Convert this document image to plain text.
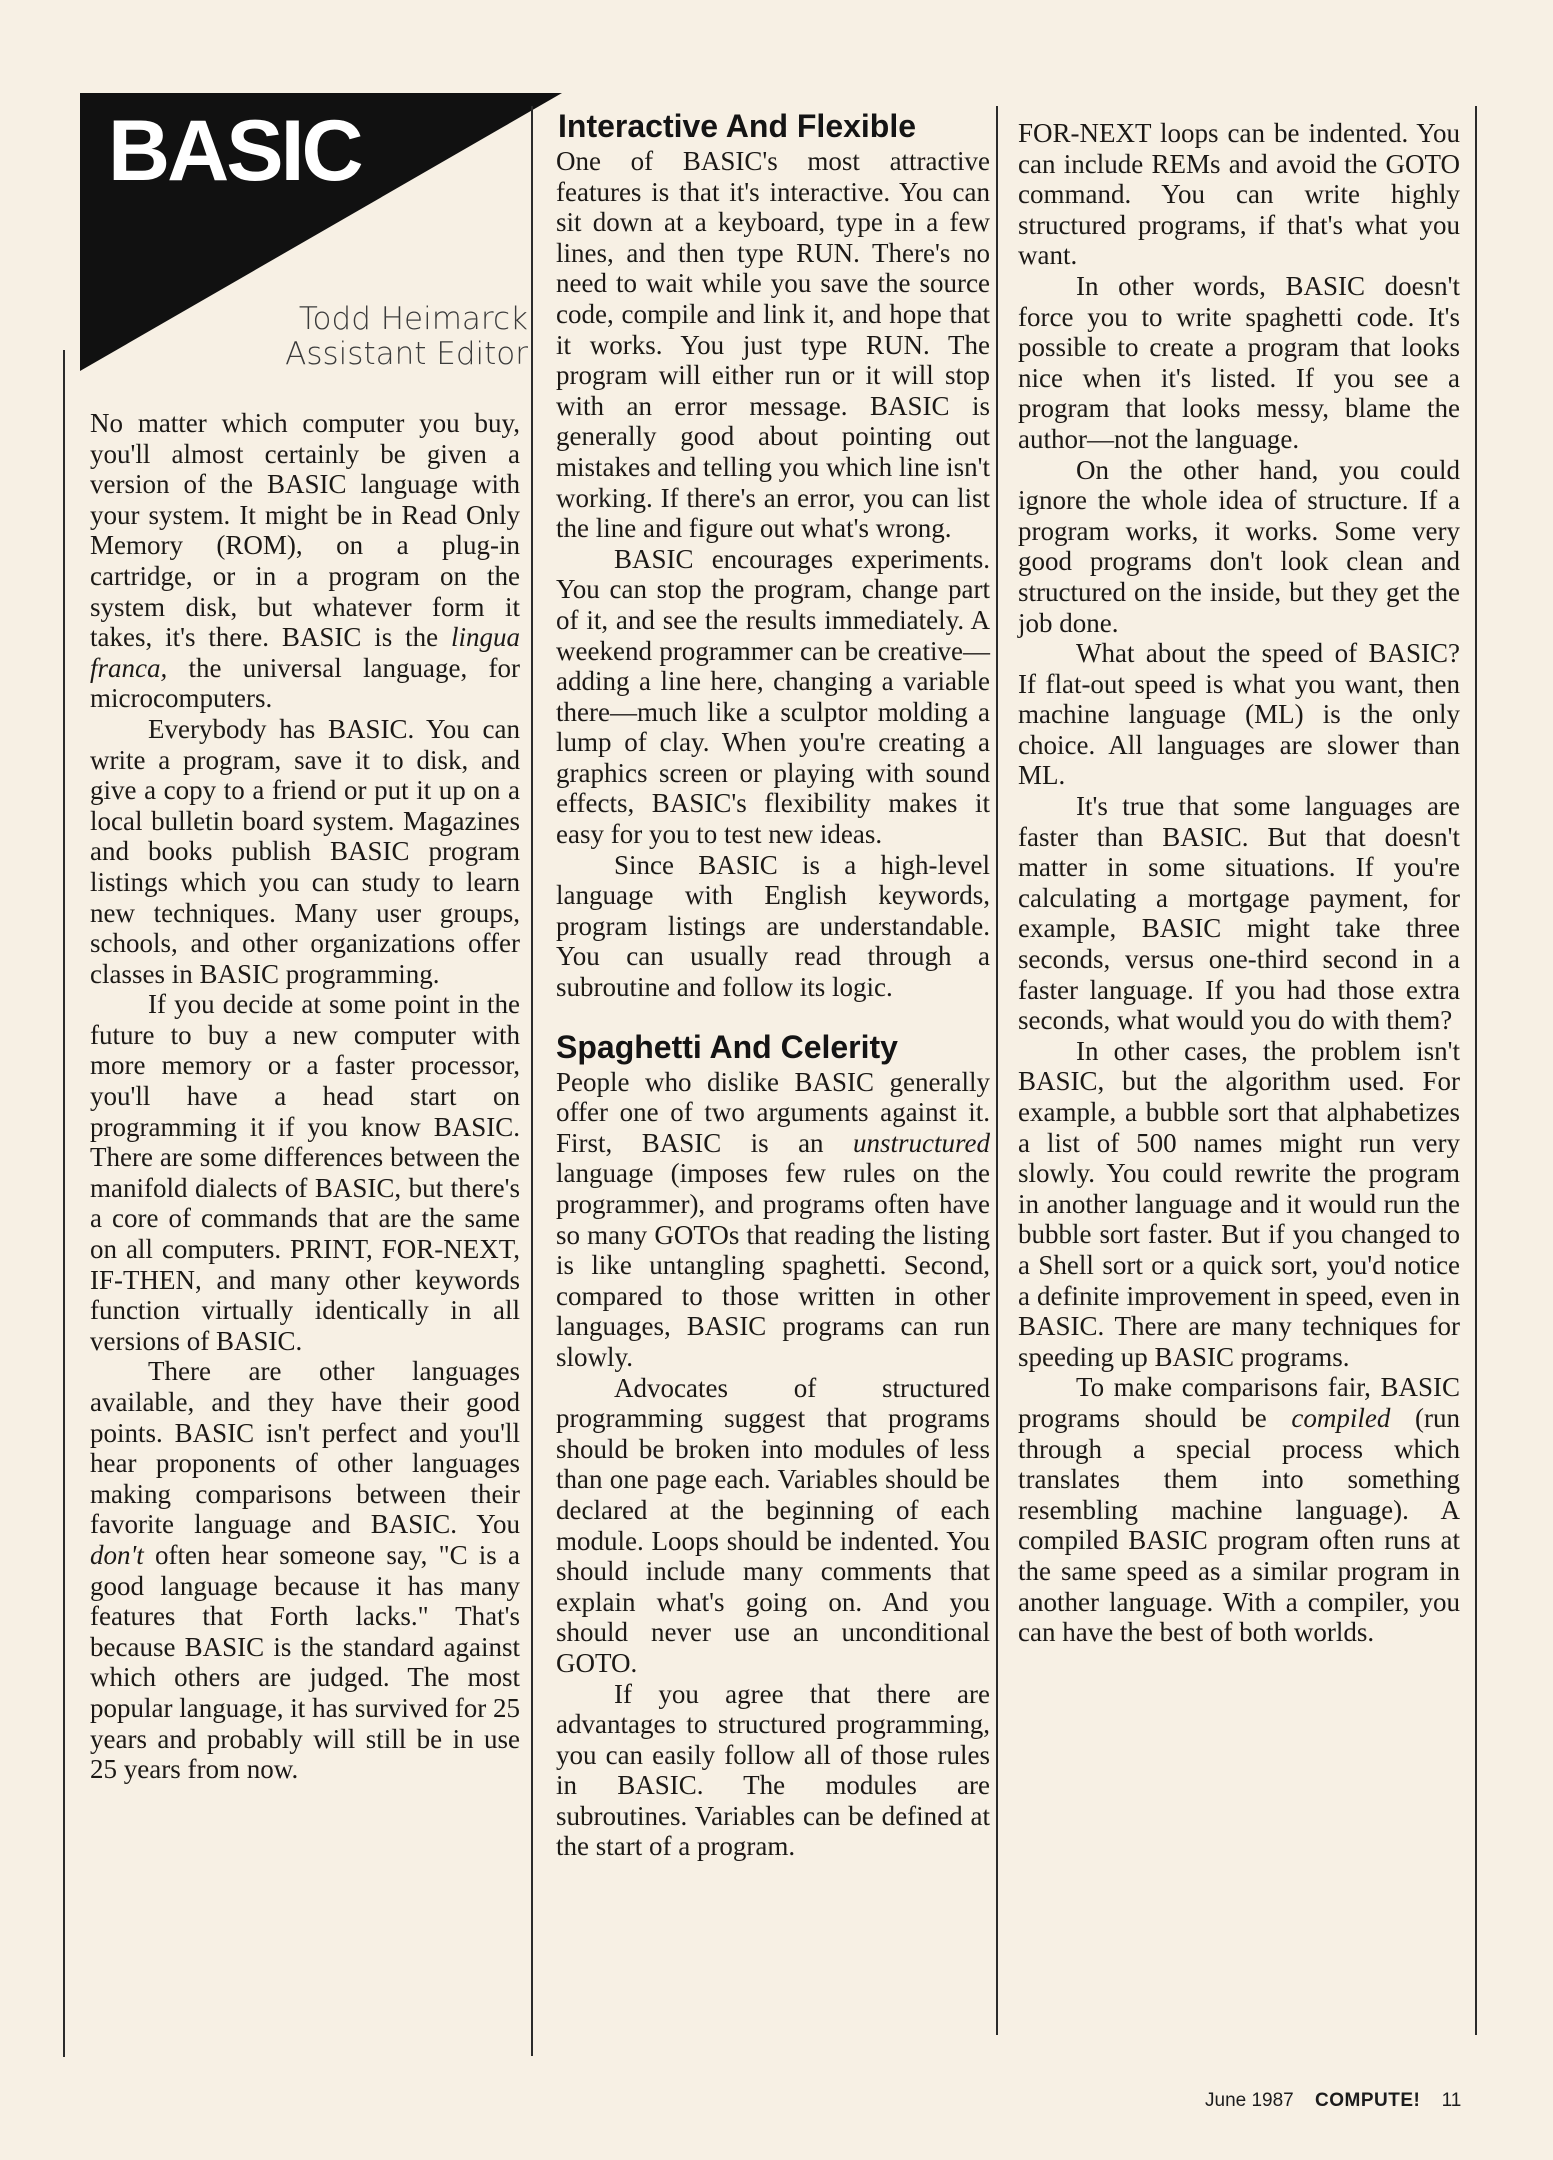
BASIC
Todd Heimarck
Assistant Editor

No matter which computer you buy, you'll almost certainly be given a version of the BASIC language with your system. It might be in Read Only Memory (ROM), on a plug-in cartridge, or in a program on the system disk, but whatever form it takes, it's there. BASIC is the lingua franca, the universal language, for microcomputers.

Everybody has BASIC. You can write a program, save it to disk, and give a copy to a friend or put it up on a local bulletin board system. Magazines and books publish BASIC program listings which you can study to learn new techniques. Many user groups, schools, and other organizations offer classes in BASIC programming.

If you decide at some point in the future to buy a new computer with more memory or a faster processor, you'll have a head start on programming it if you know BASIC. There are some differences between the manifold dialects of BASIC, but there's a core of commands that are the same on all computers. PRINT, FOR-NEXT, IF-THEN, and many other keywords function virtually identically in all versions of BASIC.

There are other languages available, and they have their good points. BASIC isn't perfect and you'll hear proponents of other languages making comparisons between their favorite language and BASIC. You don't often hear someone say, "C is a good language because it has many features that Forth lacks." That's because BASIC is the standard against which others are judged. The most popular language, it has survived for 25 years and probably will still be in use 25 years from now.

Interactive And Flexible

One of BASIC's most attractive features is that it's interactive. You can sit down at a keyboard, type in a few lines, and then type RUN. There's no need to wait while you save the source code, compile and link it, and hope that it works. You just type RUN. The program will either run or it will stop with an error message. BASIC is generally good about pointing out mistakes and telling you which line isn't working. If there's an error, you can list the line and figure out what's wrong.

BASIC encourages experiments. You can stop the program, change part of it, and see the results immediately. A weekend programmer can be creative—adding a line here, changing a variable there—much like a sculptor molding a lump of clay. When you're creating a graphics screen or playing with sound effects, BASIC's flexibility makes it easy for you to test new ideas.

Since BASIC is a high-level language with English keywords, program listings are understandable. You can usually read through a subroutine and follow its logic.

Spaghetti And Celerity

People who dislike BASIC generally offer one of two arguments against it. First, BASIC is an unstructured language (imposes few rules on the programmer), and programs often have so many GOTOs that reading the listing is like untangling spaghetti. Second, compared to those written in other languages, BASIC programs can run slowly.

Advocates of structured programming suggest that programs should be broken into modules of less than one page each. Variables should be declared at the beginning of each module. Loops should be indented. You should include many comments that explain what's going on. And you should never use an unconditional GOTO.

If you agree that there are advantages to structured programming, you can easily follow all of those rules in BASIC. The modules are subroutines. Variables can be defined at the start of a program.

FOR-NEXT loops can be indented. You can include REMs and avoid the GOTO command. You can write highly structured programs, if that's what you want.

In other words, BASIC doesn't force you to write spaghetti code. It's possible to create a program that looks nice when it's listed. If you see a program that looks messy, blame the author—not the language.

On the other hand, you could ignore the whole idea of structure. If a program works, it works. Some very good programs don't look clean and structured on the inside, but they get the job done.

What about the speed of BASIC? If flat-out speed is what you want, then machine language (ML) is the only choice. All languages are slower than ML.

It's true that some languages are faster than BASIC. But that doesn't matter in some situations. If you're calculating a mortgage payment, for example, BASIC might take three seconds, versus one-third second in a faster language. If you had those extra seconds, what would you do with them?

In other cases, the problem isn't BASIC, but the algorithm used. For example, a bubble sort that alphabetizes a list of 500 names might run very slowly. You could rewrite the program in another language and it would run the bubble sort faster. But if you changed to a Shell sort or a quick sort, you'd notice a definite improvement in speed, even in BASIC. There are many techniques for speeding up BASIC programs.

To make comparisons fair, BASIC programs should be compiled (run through a special process which translates them into something resembling machine language). A compiled BASIC program often runs at the same speed as a similar program in another language. With a compiler, you can have the best of both worlds.

June 1987 COMPUTE! 11
